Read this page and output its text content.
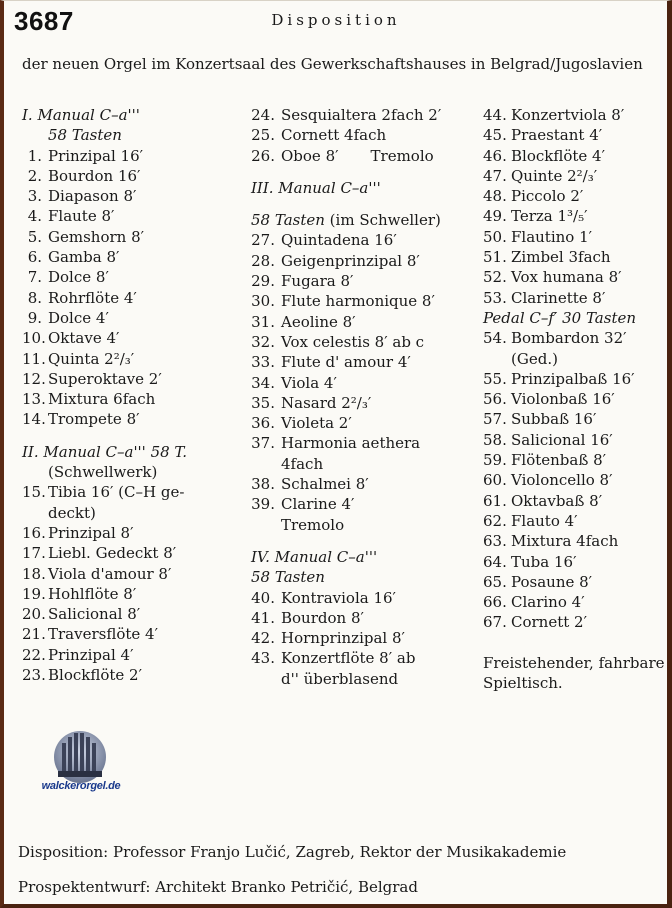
3687	Disposition
der neuen Orgel im Konzertsaal des Gewerkschaftshauses in Belgrad/Jugoslavien
I. Manual C–a'''
58 Tasten
1. Prinzipal 16′
2. Bourdon 16′
3. Diapason 8′
4. Flaute 8′
5. Gemshorn 8′
6. Gamba 8′
7. Dolce 8′
8. Rohrflöte 4′
9. Dolce 4′
10. Oktave 4′
11. Quinta 2²/₃′
12. Superoktave 2′
13. Mixtura 6fach
14. Trompete 8′
II. Manual C–a''' 58 T.
(Schwellwerk)
15. Tibia 16′ (C–H ge-
deckt)
16. Prinzipal 8′
17. Liebl. Gedeckt 8′
18. Viola d'amour 8′
19. Hohlflöte 8′
20. Salicional 8′
21. Traversflöte 4′
22. Prinzipal 4′
23. Blockflöte 2′
24. Sesquialtera 2fach 2′
25. Cornett 4fach
26. Oboe 8′ Tremolo
III. Manual C–a'''
58 Tasten (im Schweller)
27. Quintadena 16′
28. Geigenprinzipal 8′
29. Fugara 8′
30. Flute harmonique 8′
31. Aeoline 8′
32. Vox celestis 8′ ab c
33. Flute d' amour 4′
34. Viola 4′
35. Nasard 2²/₃′
36. Violeta 2′
37. Harmonia aethera
4fach
38. Schalmei 8′
39. Clarine 4′
Tremolo
IV. Manual C–a'''
58 Tasten
40. Kontraviola 16′
41. Bourdon 8′
42. Hornprinzipal 8′
43. Konzertflöte 8′ ab
d'' überblasend
44. Konzertviola 8′
45. Praestant 4′
46. Blockflöte 4′
47. Quinte 2²/₃′
48. Piccolo 2′
49. Terza 1³/₅′
50. Flautino 1′
51. Zimbel 3fach
52. Vox humana 8′
53. Clarinette 8′
Pedal C–f′ 30 Tasten
54. Bombardon 32′
(Ged.)
55. Prinzipalbaß 16′
56. Violonbaß 16′
57. Subbaß 16′
58. Salicional 16′
59. Flötenbaß 8′
60. Violoncello 8′
61. Oktavbaß 8′
62. Flauto 4′
63. Mixtura 4fach
64. Tuba 16′
65. Posaune 8′
66. Clarino 4′
67. Cornett 2′
Freistehender, fahrbare
Spieltisch.
walckerorgel.de
Disposition: Professor Franjo Lučić, Zagreb, Rektor der Musikakademie
Prospektentwurf: Architekt Branko Petričić, Belgrad
